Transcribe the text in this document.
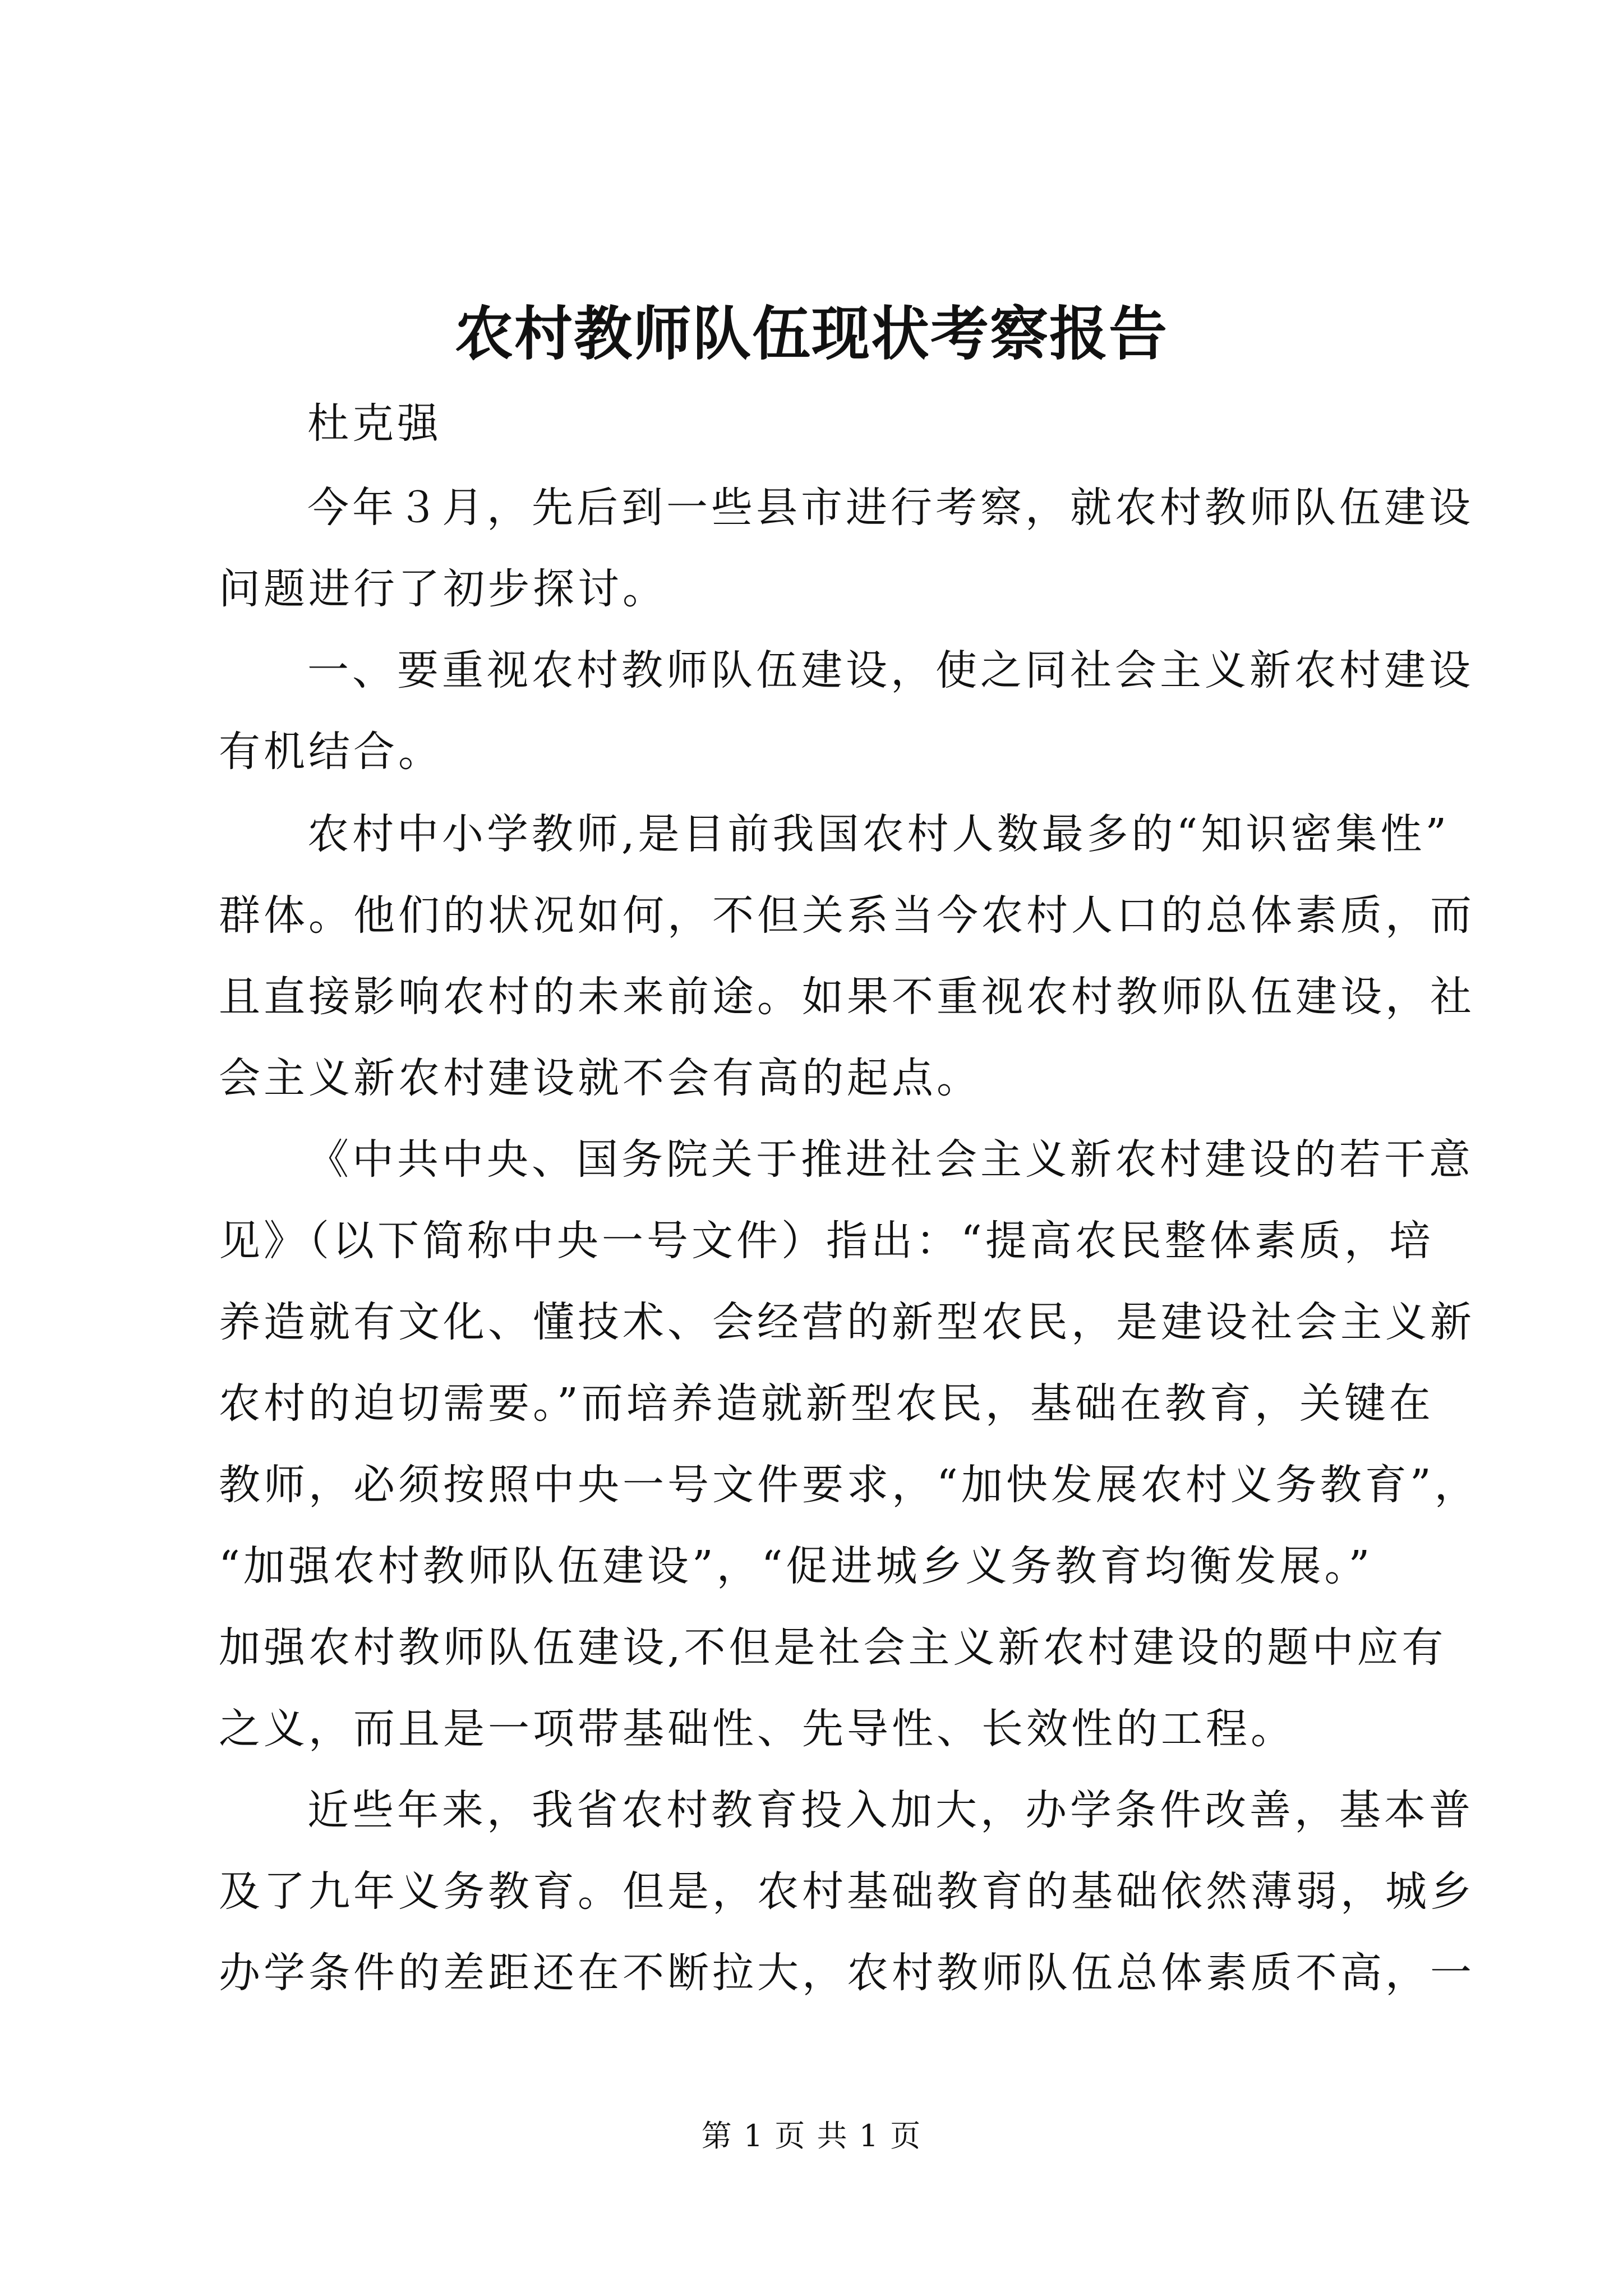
农村教师队伍现状考察报告
杜克强
今年３月，先后到一些县市进行考察，就农村教师队伍建设
问题进行了初步探讨。
一、要重视农村教师队伍建设，使之同社会主义新农村建设
有机结合。
农村中小学教师,是目前我国农村人数最多的“知识密集性”
群体。他们的状况如何，不但关系当今农村人口的总体素质，而
且直接影响农村的未来前途。如果不重视农村教师队伍建设，社
会主义新农村建设就不会有高的起点。
《中共中央、国务院关于推进社会主义新农村建设的若干意
见》（以下简称中央一号文件）指出：“提高农民整体素质，培
养造就有文化、懂技术、会经营的新型农民，是建设社会主义新
农村的迫切需要。”而培养造就新型农民，基础在教育，关键在
教师，必须按照中央一号文件要求，“加快发展农村义务教育”，
“加强农村教师队伍建设”，“促进城乡义务教育均衡发展。”
加强农村教师队伍建设,不但是社会主义新农村建设的题中应有
之义，而且是一项带基础性、先导性、长效性的工程。
近些年来，我省农村教育投入加大，办学条件改善，基本普
及了九年义务教育。但是，农村基础教育的基础依然薄弱，城乡
办学条件的差距还在不断拉大，农村教师队伍总体素质不高，一
第 1 页 共 1 页
